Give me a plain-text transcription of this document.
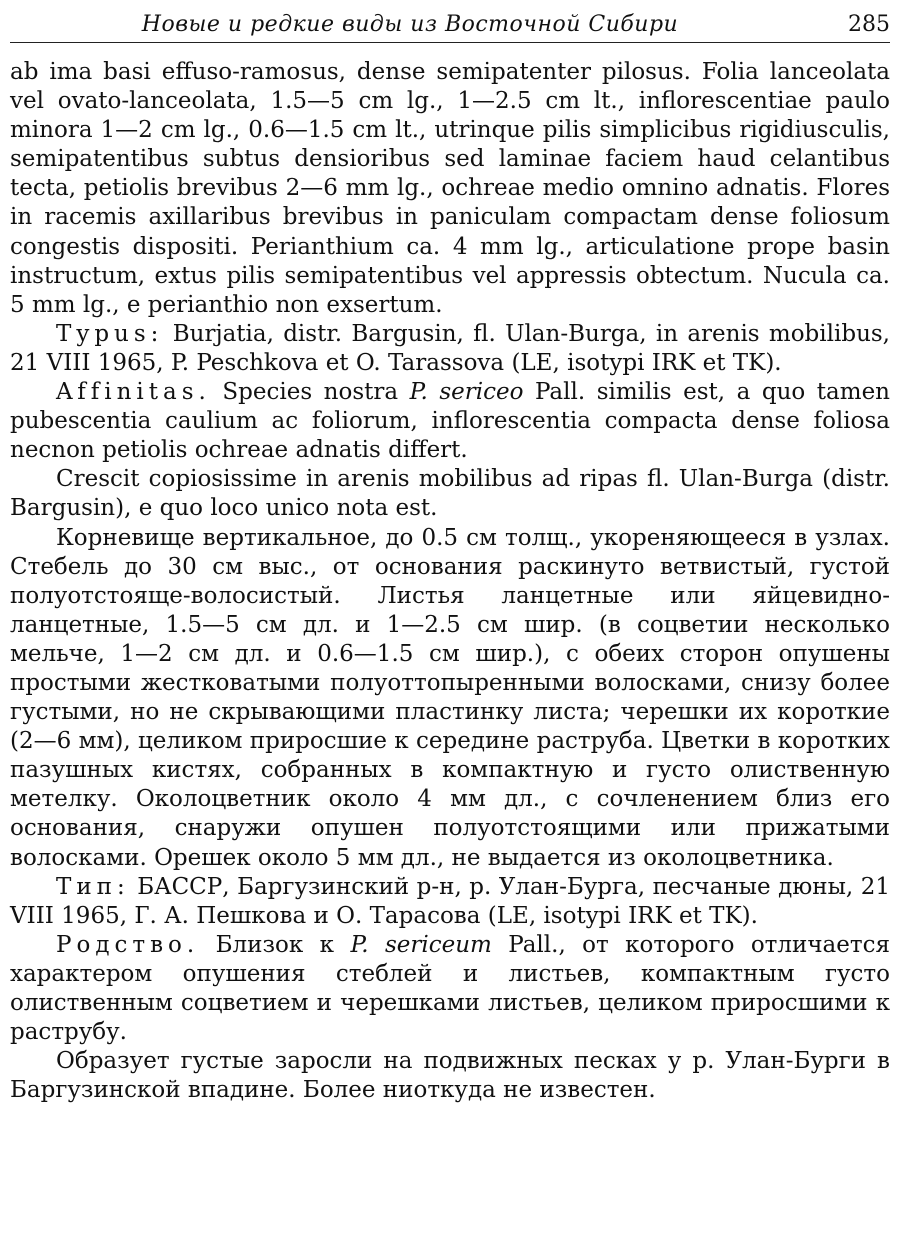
Новые и редкие виды из Восточной Сибири	285

ab ima basi effuso-ramosus, dense semipatenter pilosus. Folia lanceolata vel ovato-lanceolata, 1.5—5 cm lg., 1—2.5 cm lt., inflorescentiae paulo minora 1—2 cm lg., 0.6—1.5 cm lt., utrinque pilis simplicibus rigidiusculis, semipatentibus subtus densioribus sed laminae faciem haud celantibus tecta, petiolis brevibus 2—6 mm lg., ochreae medio omnino adnatis. Flores in racemis axillaribus brevibus in paniculam compactam dense foliosum congestis dispositi. Perianthium ca. 4 mm lg., articulatione prope basin instructum, extus pilis semipatentibus vel appressis obtectum. Nucula ca. 5 mm lg., e perianthio non exsertum.

Typus: Burjatia, distr. Bargusin, fl. Ulan-Burga, in arenis mobilibus, 21 VIII 1965, P. Peschkova et O. Tarassova (LE, isotypi IRK et TK).

Affinitas. Species nostra P. sericeo Pall. similis est, a quo tamen pubescentia caulium ac foliorum, inflorescentia compacta dense foliosa necnon petiolis ochreae adnatis differt.

Crescit copiosissime in arenis mobilibus ad ripas fl. Ulan-Burga (distr. Bargusin), e quo loco unico nota est.

Корневище вертикальное, до 0.5 см толщ., укореняющееся в узлах. Стебель до 30 см выс., от основания раскинуто ветвистый, густой полуотстояще-волосистый. Листья ланцетные или яйцевидно-ланцетные, 1.5—5 см дл. и 1—2.5 см шир. (в соцветии несколько мельче, 1—2 см дл. и 0.6—1.5 см шир.), с обеих сторон опушены простыми жестковатыми полуоттопыренными волосками, снизу более густыми, но не скрывающими пластинку листа; черешки их короткие (2—6 мм), целиком приросшие к середине раструба. Цветки в коротких пазушных кистях, собранных в компактную и густо олиственную метелку. Околоцветник около 4 мм дл., с сочленением близ его основания, снаружи опушен полуотстоящими или прижатыми волосками. Орешек около 5 мм дл., не выдается из околоцветника.

Тип: БАССР, Баргузинский р-н, р. Улан-Бурга, песчаные дюны, 21 VIII 1965, Г. А. Пешкова и О. Тарасова (LE, isotypi IRK et TK).

Родство. Близок к P. sericeum Pall., от которого отличается характером опушения стеблей и листьев, компактным густо олиственным соцветием и черешками листьев, целиком приросшими к раструбу.

Образует густые заросли на подвижных песках у р. Улан-Бурги в Баргузинской впадине. Более ниоткуда не известен.
